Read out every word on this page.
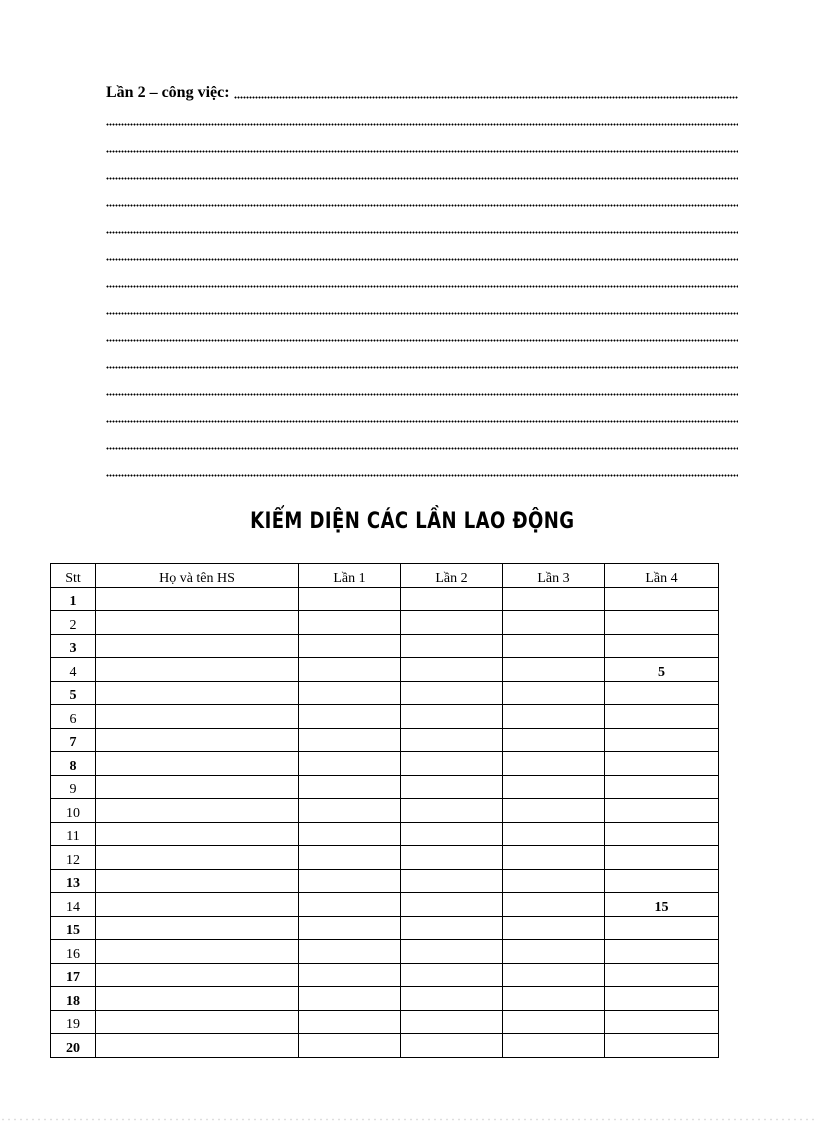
Lần 2 – công việc:
KIỂM DIỆN CÁC LẦN LAO ĐỘNG
Stt	Họ và tên HS	Lần 1	Lần 2	Lần 3	Lần 4
1					
2					
3					
4					5
5					
6					
7					
8					
9					
10					
11					
12					
13					
14					15
15					
16					
17					
18					
19					
20					
